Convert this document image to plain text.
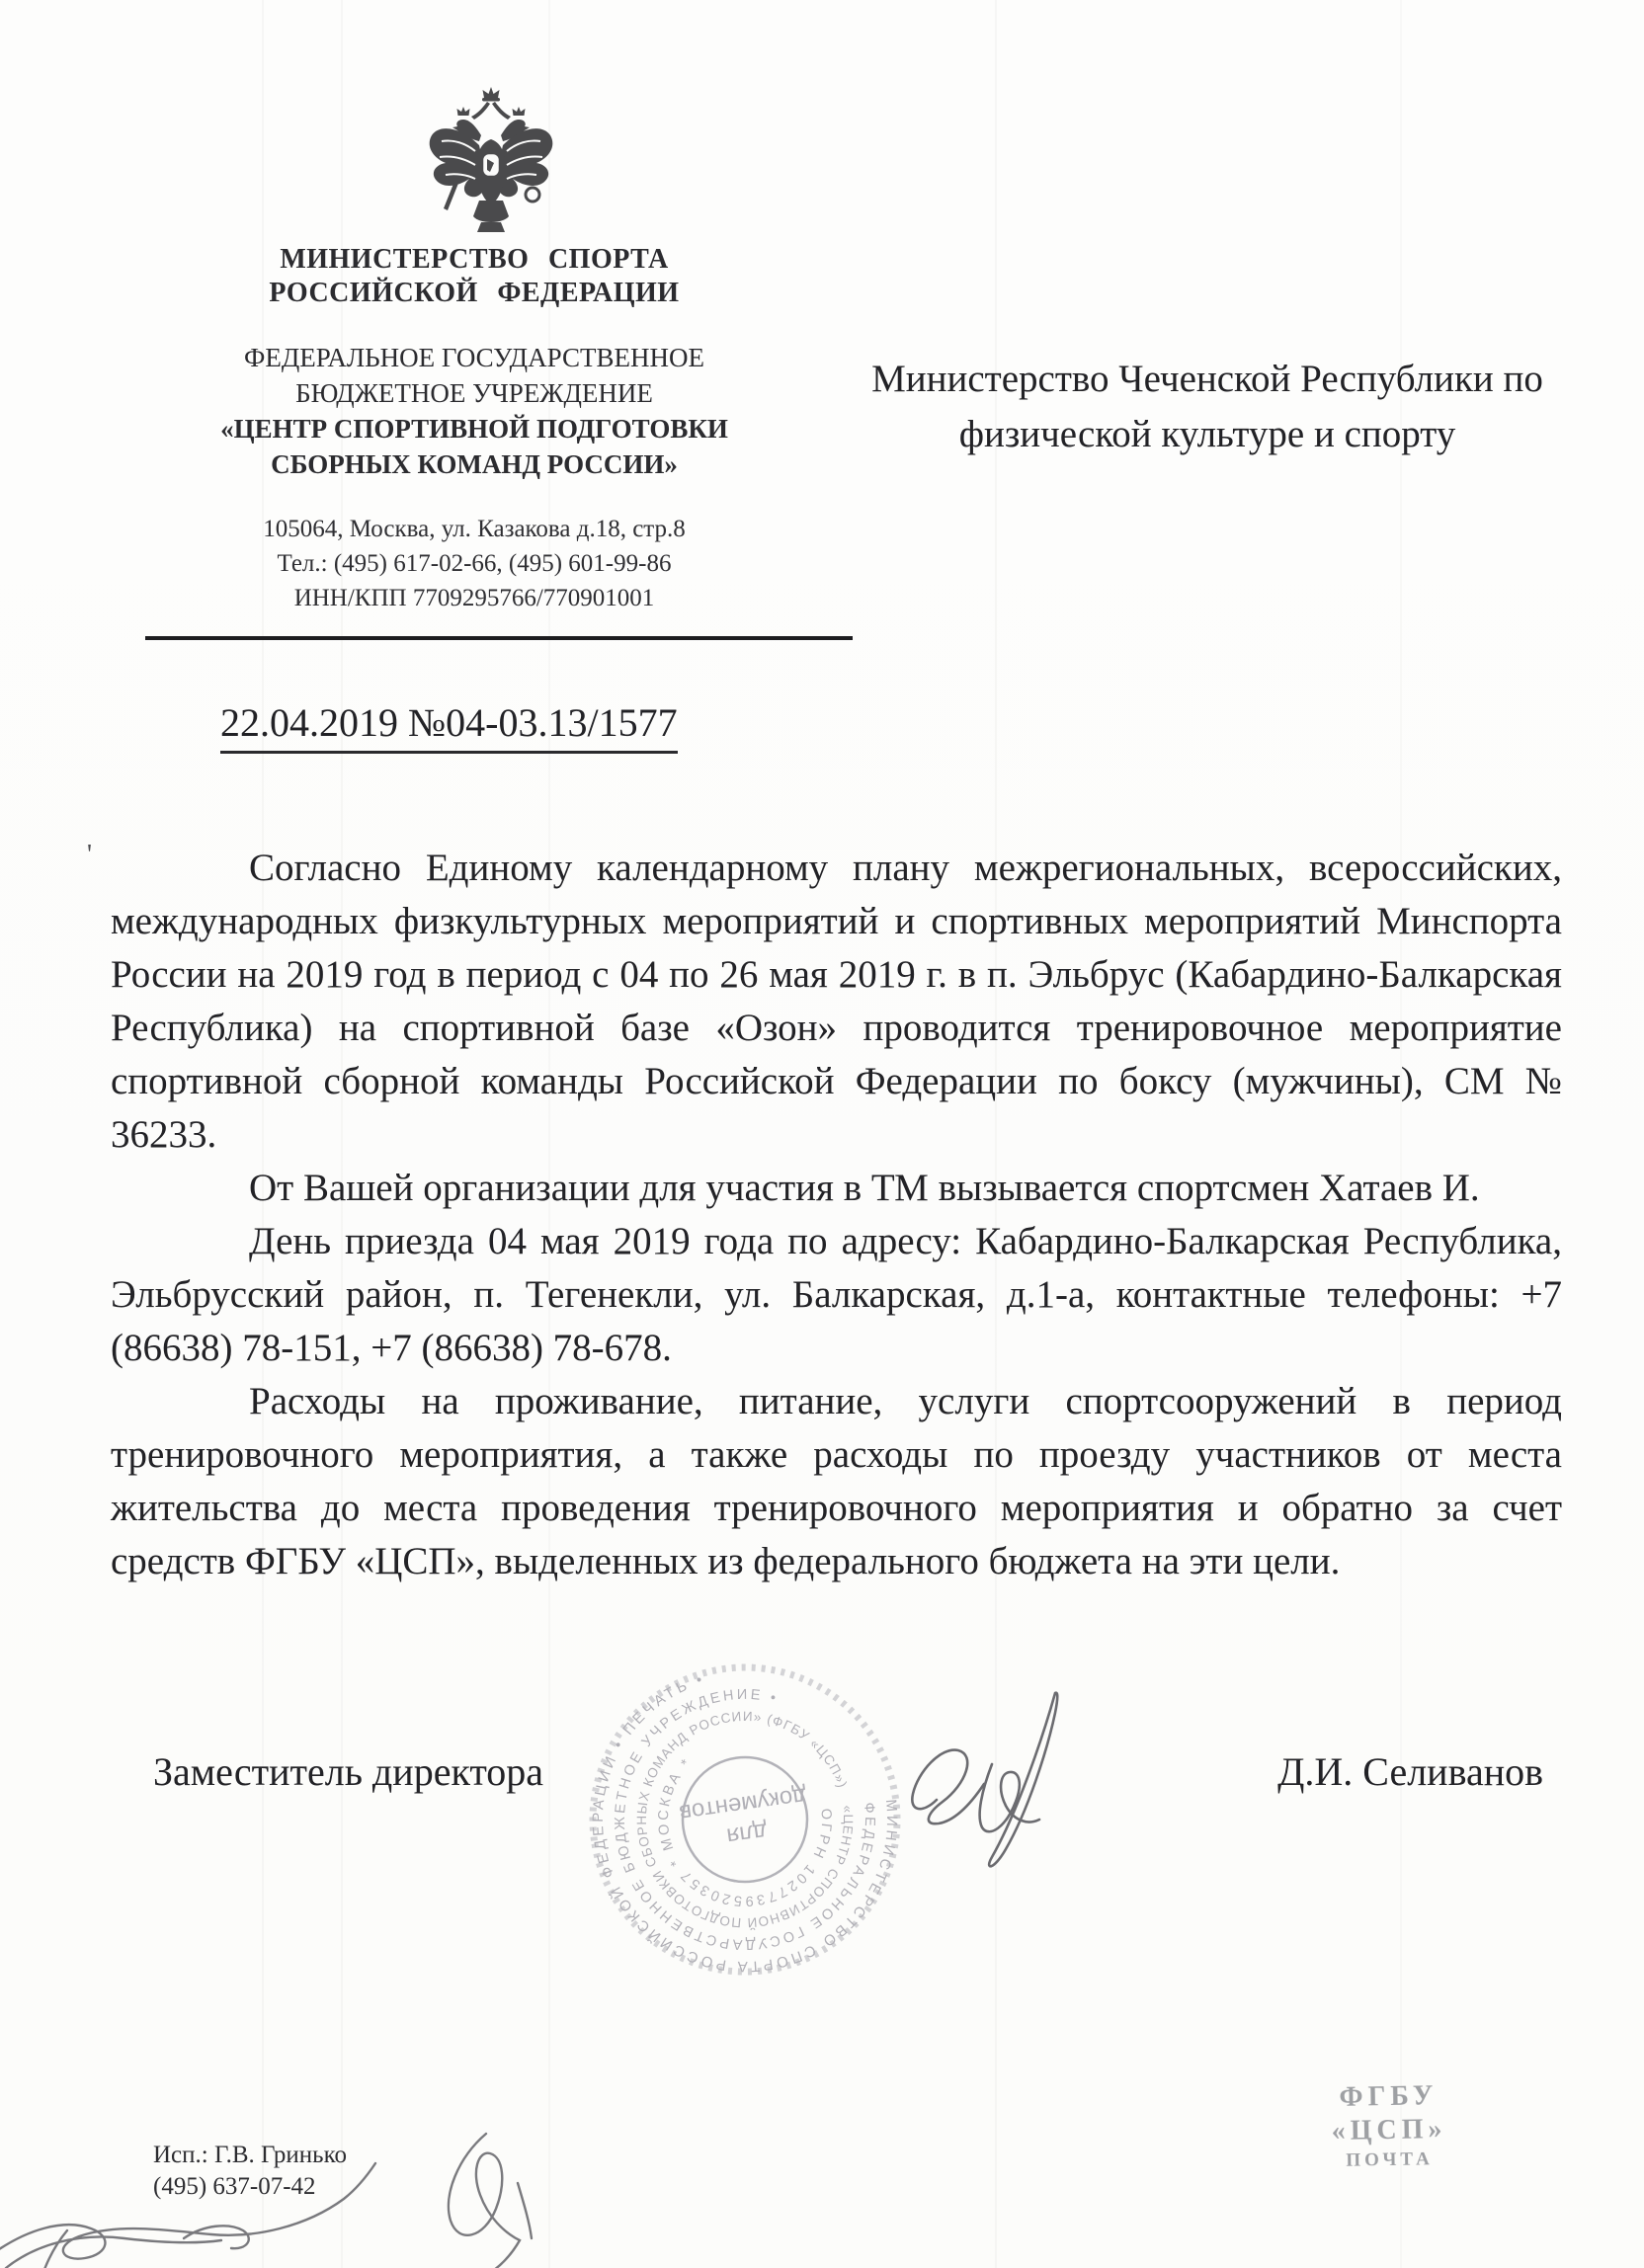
МИНИСТЕРСТВО СПОРТА
РОССИЙСКОЙ ФЕДЕРАЦИИ
ФЕДЕРАЛЬНОЕ ГОСУДАРСТВЕННОЕ
БЮДЖЕТНОЕ УЧРЕЖДЕНИЕ
«ЦЕНТР СПОРТИВНОЙ ПОДГОТОВКИ
СБОРНЫХ КОМАНД РОССИИ»
105064, Москва, ул. Казакова д.18, стр.8
Тел.: (495) 617-02-66, (495) 601-99-86
ИНН/КПП 7709295766/770901001
Министерство Чеченской Республики по
физической культуре и спорту
22.04.2019 №04-03.13/1577
'	Согласно Единому календарному плану межрегиональных, всероссийских, международных физкультурных мероприятий и спортивных мероприятий Минспорта России на 2019 год в период с 04 по 26 мая 2019 г. в п. Эльбрус (Кабардино-Балкарская Республика) на спортивной базе «Озон» проводится тренировочное мероприятие спортивной сборной команды Российской Федерации по боксу (мужчины), СМ № 36233.

От Вашей организации для участия в ТМ вызывается спортсмен Хатаев И.

День приезда 04 мая 2019 года по адресу: Кабардино-Балкарская Республика, Эльбрусский район, п. Тегенекли, ул. Балкарская, д.1-а, контактные телефоны: +7 (86638) 78-151, +7 (86638) 78-678.

Расходы на проживание, питание, услуги спортсооружений в период тренировочного мероприятия, а также расходы по проезду участников от места жительства до места проведения тренировочного мероприятия и обратно за счет средств ФГБУ «ЦСП», выделенных из федерального бюджета на эти цели.

Заместитель директора	Д.И. Селиванов
МИНИСТЕРСТВО СПОРТА РОССИЙСКОЙ ФЕДЕРАЦИИ • ПЕЧАТЬ •
ФЕДЕРАЛЬНОЕ ГОСУДАРСТВЕННОЕ БЮДЖЕТНОЕ УЧРЕЖДЕНИЕ •
«ЦЕНТР СПОРТИВНОЙ ПОДГОТОВКИ СБОРНЫХ КОМАНД РОССИИ» (ФГБУ «ЦСП»)
ОГРН 1027739520357 * МОСКВА *
для
документов
Исп.: Г.В. Гринько
(495) 637-07-42
ФГБУ «ЦСП»
ПОЧТА
